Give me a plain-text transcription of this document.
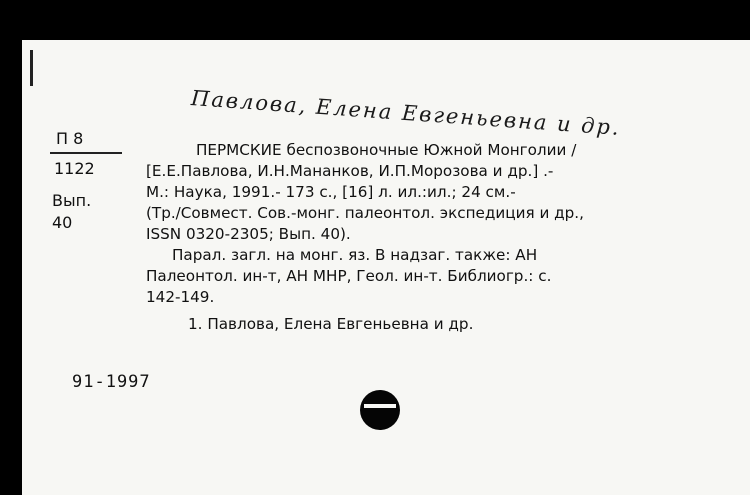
Павлова, Елена Евгеньевна и др.
П 8
1122
Вып.
40
ПЕРМСКИЕ беспозвоночные Южной Монголии /
[Е.Е.Павлова, И.Н.Мананков, И.П.Морозова и др.] .-
М.: Наука, 1991.- 173 с., [16] л. ил.:ил.; 24 см.-
(Тр./Совмест. Сов.-монг. палеонтол. экспедиция и др.,
ISSN 0320-2305; Вып. 40).
Парал. загл. на монг. яз. В надзаг. также: АН
Палеонтол. ин-т, АН МНР, Геол. ин-т. Библиогр.: с.
142-149.
1. Павлова, Елена Евгеньевна и др.
91-1997
